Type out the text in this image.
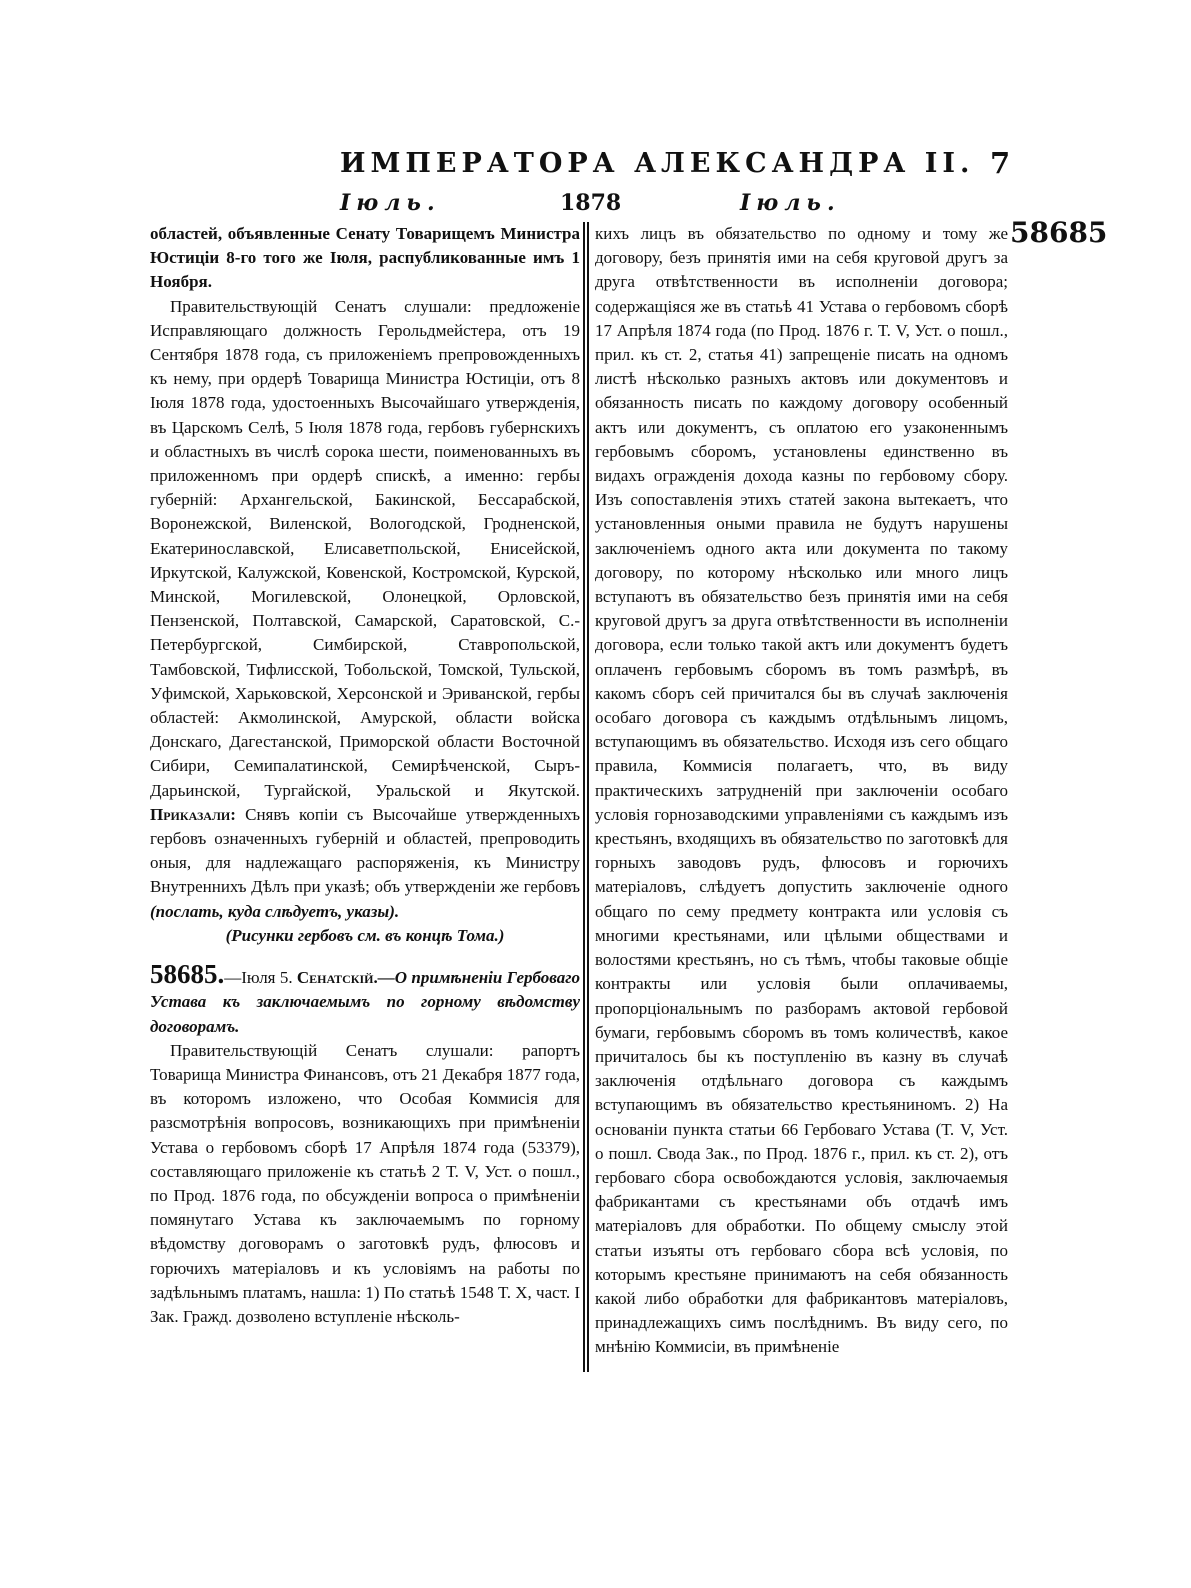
ИМПЕРАТОРА АЛЕКСАНДРА II. 7
Іюль.	1878	Іюль.

областей, объявленные Сенату Товарищемъ Министра Юстиціи 8-го того же Іюля, распубликованные имъ 1 Ноября.

Правительствующій Сенатъ слушали: предложеніе Исправляющаго должность Герольдмейстера, отъ 19 Сентября 1878 года, съ приложеніемъ препровожденныхъ къ нему, при ордерѣ Товарища Министра Юстиціи, отъ 8 Іюля 1878 года, удостоенныхъ Высочайшаго утвержденія, въ Царскомъ Селѣ, 5 Іюля 1878 года, гербовъ губернскихъ и областныхъ въ числѣ сорока шести, поименованныхъ въ приложенномъ при ордерѣ спискѣ, а именно: гербы губерній: Архангельской, Бакинской, Бессарабской, Воронежской, Виленской, Вологодской, Гродненской, Екатеринославской, Елисаветпольской, Енисейской, Иркутской, Калужской, Ковенской, Костромской, Курской, Минской, Могилевской, Олонецкой, Орловской, Пензенской, Полтавской, Самарской, Саратовской, С.-Петербургской, Симбирской, Ставропольской, Тамбовской, Тифлисской, Тобольской, Томской, Тульской, Уфимской, Харьковской, Херсонской и Эриванской, гербы областей: Акмолинской, Амурской, области войска Донскаго, Дагестанской, Приморской области Восточной Сибири, Семипалатинской, Семирѣченской, Сыръ-Дарьинской, Тургайской, Уральской и Якутской. Приказали: Снявъ копіи съ Высочайше утвержденныхъ гербовъ означенныхъ губерній и областей, препроводить оныя, для надлежащаго распоряженія, къ Министру Внутреннихъ Дѣлъ при указѣ; объ утвержденіи же гербовъ (послать, куда слѣдуетъ, указы).

(Рисунки гербовъ см. въ концѣ Тома.)

58685.—Іюля 5. Сенатскій.—О примѣненіи Гербоваго Устава къ заключаемымъ по горному вѣдомству договорамъ.

Правительствующій Сенатъ слушали: рапортъ Товарища Министра Финансовъ, отъ 21 Декабря 1877 года, въ которомъ изложено, что Особая Коммисія для разсмотрѣнія вопросовъ, возникающихъ при примѣненіи Устава о гербовомъ сборѣ 17 Апрѣля 1874 года (53379), составляющаго приложеніе къ статьѣ 2 Т. V, Уст. о пошл., по Прод. 1876 года, по обсужденіи вопроса о примѣненіи помянутаго Устава къ заключаемымъ по горному вѣдомству договорамъ о заготовкѣ рудъ, флюсовъ и горючихъ матеріаловъ и къ условіямъ на работы по задѣльнымъ платамъ, нашла: 1) По статьѣ 1548 Т. X, част. I Зак. Гражд. дозволено вступленіе нѣсколь-

кихъ лицъ въ обязательство по одному и тому же договору, безъ принятія ими на себя круговой другъ за друга отвѣтственности въ исполненіи договора; содержащіяся же въ статьѣ 41 Устава о гербовомъ сборѣ 17 Апрѣля 1874 года (по Прод. 1876 г. Т. V, Уст. о пошл., прил. къ ст. 2, статья 41) запрещеніе писать на одномъ листѣ нѣсколько разныхъ актовъ или документовъ и обязанность писать по каждому договору особенный актъ или документъ, съ оплатою его узаконеннымъ гербовымъ сборомъ, установлены единственно въ видахъ огражденія дохода казны по гербовому сбору. Изъ сопоставленія этихъ статей закона вытекаетъ, что установленныя оными правила не будутъ нарушены заключеніемъ одного акта или документа по такому договору, по которому нѣсколько или много лицъ вступаютъ въ обязательство безъ принятія ими на себя круговой другъ за друга отвѣтственности въ исполненіи договора, если только такой актъ или документъ будетъ оплаченъ гербовымъ сборомъ въ томъ размѣрѣ, въ какомъ сборъ сей причитался бы въ случаѣ заключенія особаго договора съ каждымъ отдѣльнымъ лицомъ, вступающимъ въ обязательство. Исходя изъ сего общаго правила, Коммисія полагаетъ, что, въ виду практическихъ затрудненій при заключеніи особаго условія горнозаводскими управленіями съ каждымъ изъ крестьянъ, входящихъ въ обязательство по заготовкѣ для горныхъ заводовъ рудъ, флюсовъ и горючихъ матеріаловъ, слѣдуетъ допустить заключеніе одного общаго по сему предмету контракта или условія съ многими крестьянами, или цѣлыми обществами и волостями крестьянъ, но съ тѣмъ, чтобы таковые общіе контракты или условія были оплачиваемы, пропорціональнымъ по разборамъ актовой гербовой бумаги, гербовымъ сборомъ въ томъ количествѣ, какое причиталось бы къ поступленію въ казну въ случаѣ заключенія отдѣльнаго договора съ каждымъ вступающимъ въ обязательство крестьяниномъ. 2) На основаніи пункта статьи 66 Гербоваго Устава (Т. V, Уст. о пошл. Свода Зак., по Прод. 1876 г., прил. къ ст. 2), отъ гербоваго сбора освобождаются условія, заключаемыя фабрикантами съ крестьянами объ отдачѣ имъ матеріаловъ для обработки. По общему смыслу этой статьи изъяты отъ гербоваго сбора всѣ условія, по которымъ крестьяне принимаютъ на себя обязанность какой либо обработки для фабрикантовъ матеріаловъ, принадлежащихъ симъ послѣднимъ. Въ виду сего, по мнѣнію Коммисіи, въ примѣненіе

58685
